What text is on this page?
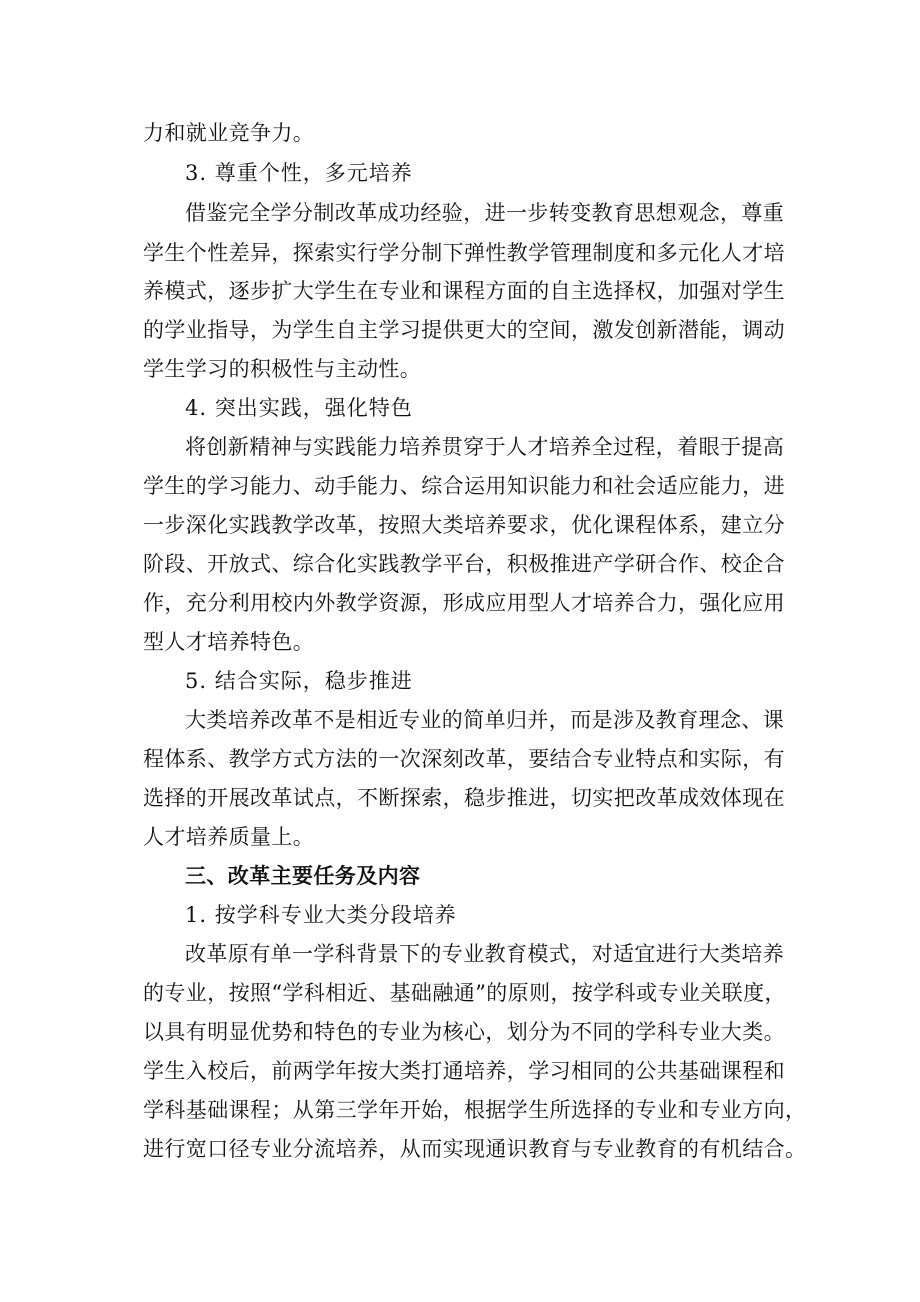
力和就业竞争力。
3. 尊重个性，多元培养
借鉴完全学分制改革成功经验，进一步转变教育思想观念，尊重
学生个性差异，探索实行学分制下弹性教学管理制度和多元化人才培
养模式，逐步扩大学生在专业和课程方面的自主选择权，加强对学生
的学业指导，为学生自主学习提供更大的空间，激发创新潜能，调动
学生学习的积极性与主动性。
4. 突出实践，强化特色
将创新精神与实践能力培养贯穿于人才培养全过程，着眼于提高
学生的学习能力、动手能力、综合运用知识能力和社会适应能力，进
一步深化实践教学改革，按照大类培养要求，优化课程体系，建立分
阶段、开放式、综合化实践教学平台，积极推进产学研合作、校企合
作，充分利用校内外教学资源，形成应用型人才培养合力，强化应用
型人才培养特色。
5. 结合实际，稳步推进
大类培养改革不是相近专业的简单归并，而是涉及教育理念、课
程体系、教学方式方法的一次深刻改革，要结合专业特点和实际，有
选择的开展改革试点，不断探索，稳步推进，切实把改革成效体现在
人才培养质量上。
三、改革主要任务及内容
1. 按学科专业大类分段培养
改革原有单一学科背景下的专业教育模式，对适宜进行大类培养
的专业，按照“学科相近、基础融通”的原则，按学科或专业关联度，
以具有明显优势和特色的专业为核心，划分为不同的学科专业大类。
学生入校后，前两学年按大类打通培养，学习相同的公共基础课程和
学科基础课程；从第三学年开始，根据学生所选择的专业和专业方向，
进行宽口径专业分流培养，从而实现通识教育与专业教育的有机结合。
